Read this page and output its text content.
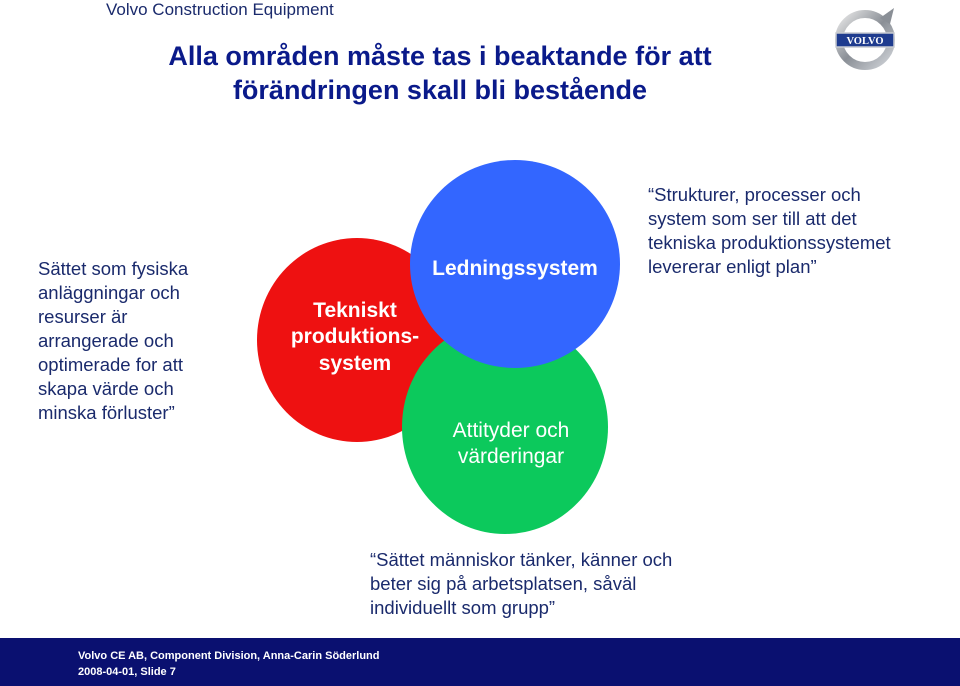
Volvo Construction Equipment
Alla områden måste tas i beaktande för att
förändringen skall bli bestående
VOLVO
Sättet som fysiska
anläggningar och
resurser är
arrangerade och
optimerade for att
skapa värde och
minska förluster”
“Strukturer, processer och
system som ser till att det
tekniska produktionssystemet
levererar enligt plan”
Tekniskt
produktions-
system
Ledningssystem
Attityder och
värderingar
“Sättet människor tänker, känner och
beter sig på arbetsplatsen, såväl
individuellt som grupp”
Volvo CE AB, Component Division, Anna-Carin Söderlund
2008-04-01, Slide 7
